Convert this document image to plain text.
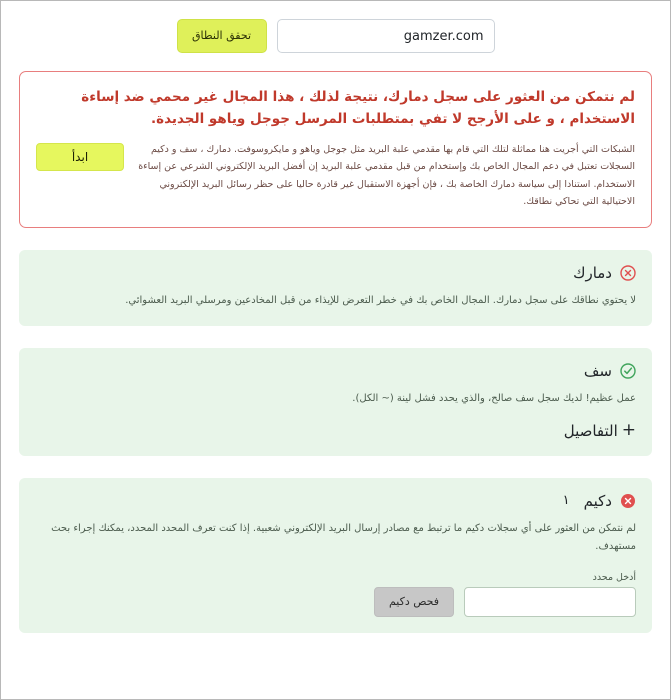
gamzer.com
تحقق النطاق
لم نتمكن من العثور على سجل دمارك، نتيجة لذلك ، هذا المجال غير محمي ضد إساءة الاستخدام ، و على الأرجح لا تفي بمتطلبات المرسل جوجل وياهو الجديدة.
الشبكات التي أجريت هنا مماثلة لتلك التي قام بها مقدمي علبة البريد مثل جوجل وياهو و مايكروسوفت. دمارك ، سف و دكيم السجلات تعتبل في دعم المجال الخاص بك وإستخدام من قبل مقدمي علبة البريد إن أفضل البريد الإلكتروني الشرعي عن إساءة الاستخدام. استنادا إلى سياسة دمارك الخاصة بك ، فإن أجهزة الاستقبال غير قادرة حاليا على حظر رسائل البريد الإلكتروني الاحتيالية التي تحاكي نطاقك.
ابدأ
دمارك
لا يحتوي نطاقك على سجل دمارك. المجال الخاص بك في خطر التعرض للإيذاء من قبل المخادعين ومرسلي البريد العشوائي.
سف
عمل عظيم! لديك سجل سف صالح، والذي يحدد فشل لينة (~ الكل).
+
التفاصيل
دكيم
١
لم نتمكن من العثور على أي سجلات دكيم ما ترتبط مع مصادر إرسال البريد الإلكتروني شعبية. إذا كنت تعرف المحدد المحدد، يمكنك إجراء بحث مستهدف.
أدخل محدد
فحص دكيم
